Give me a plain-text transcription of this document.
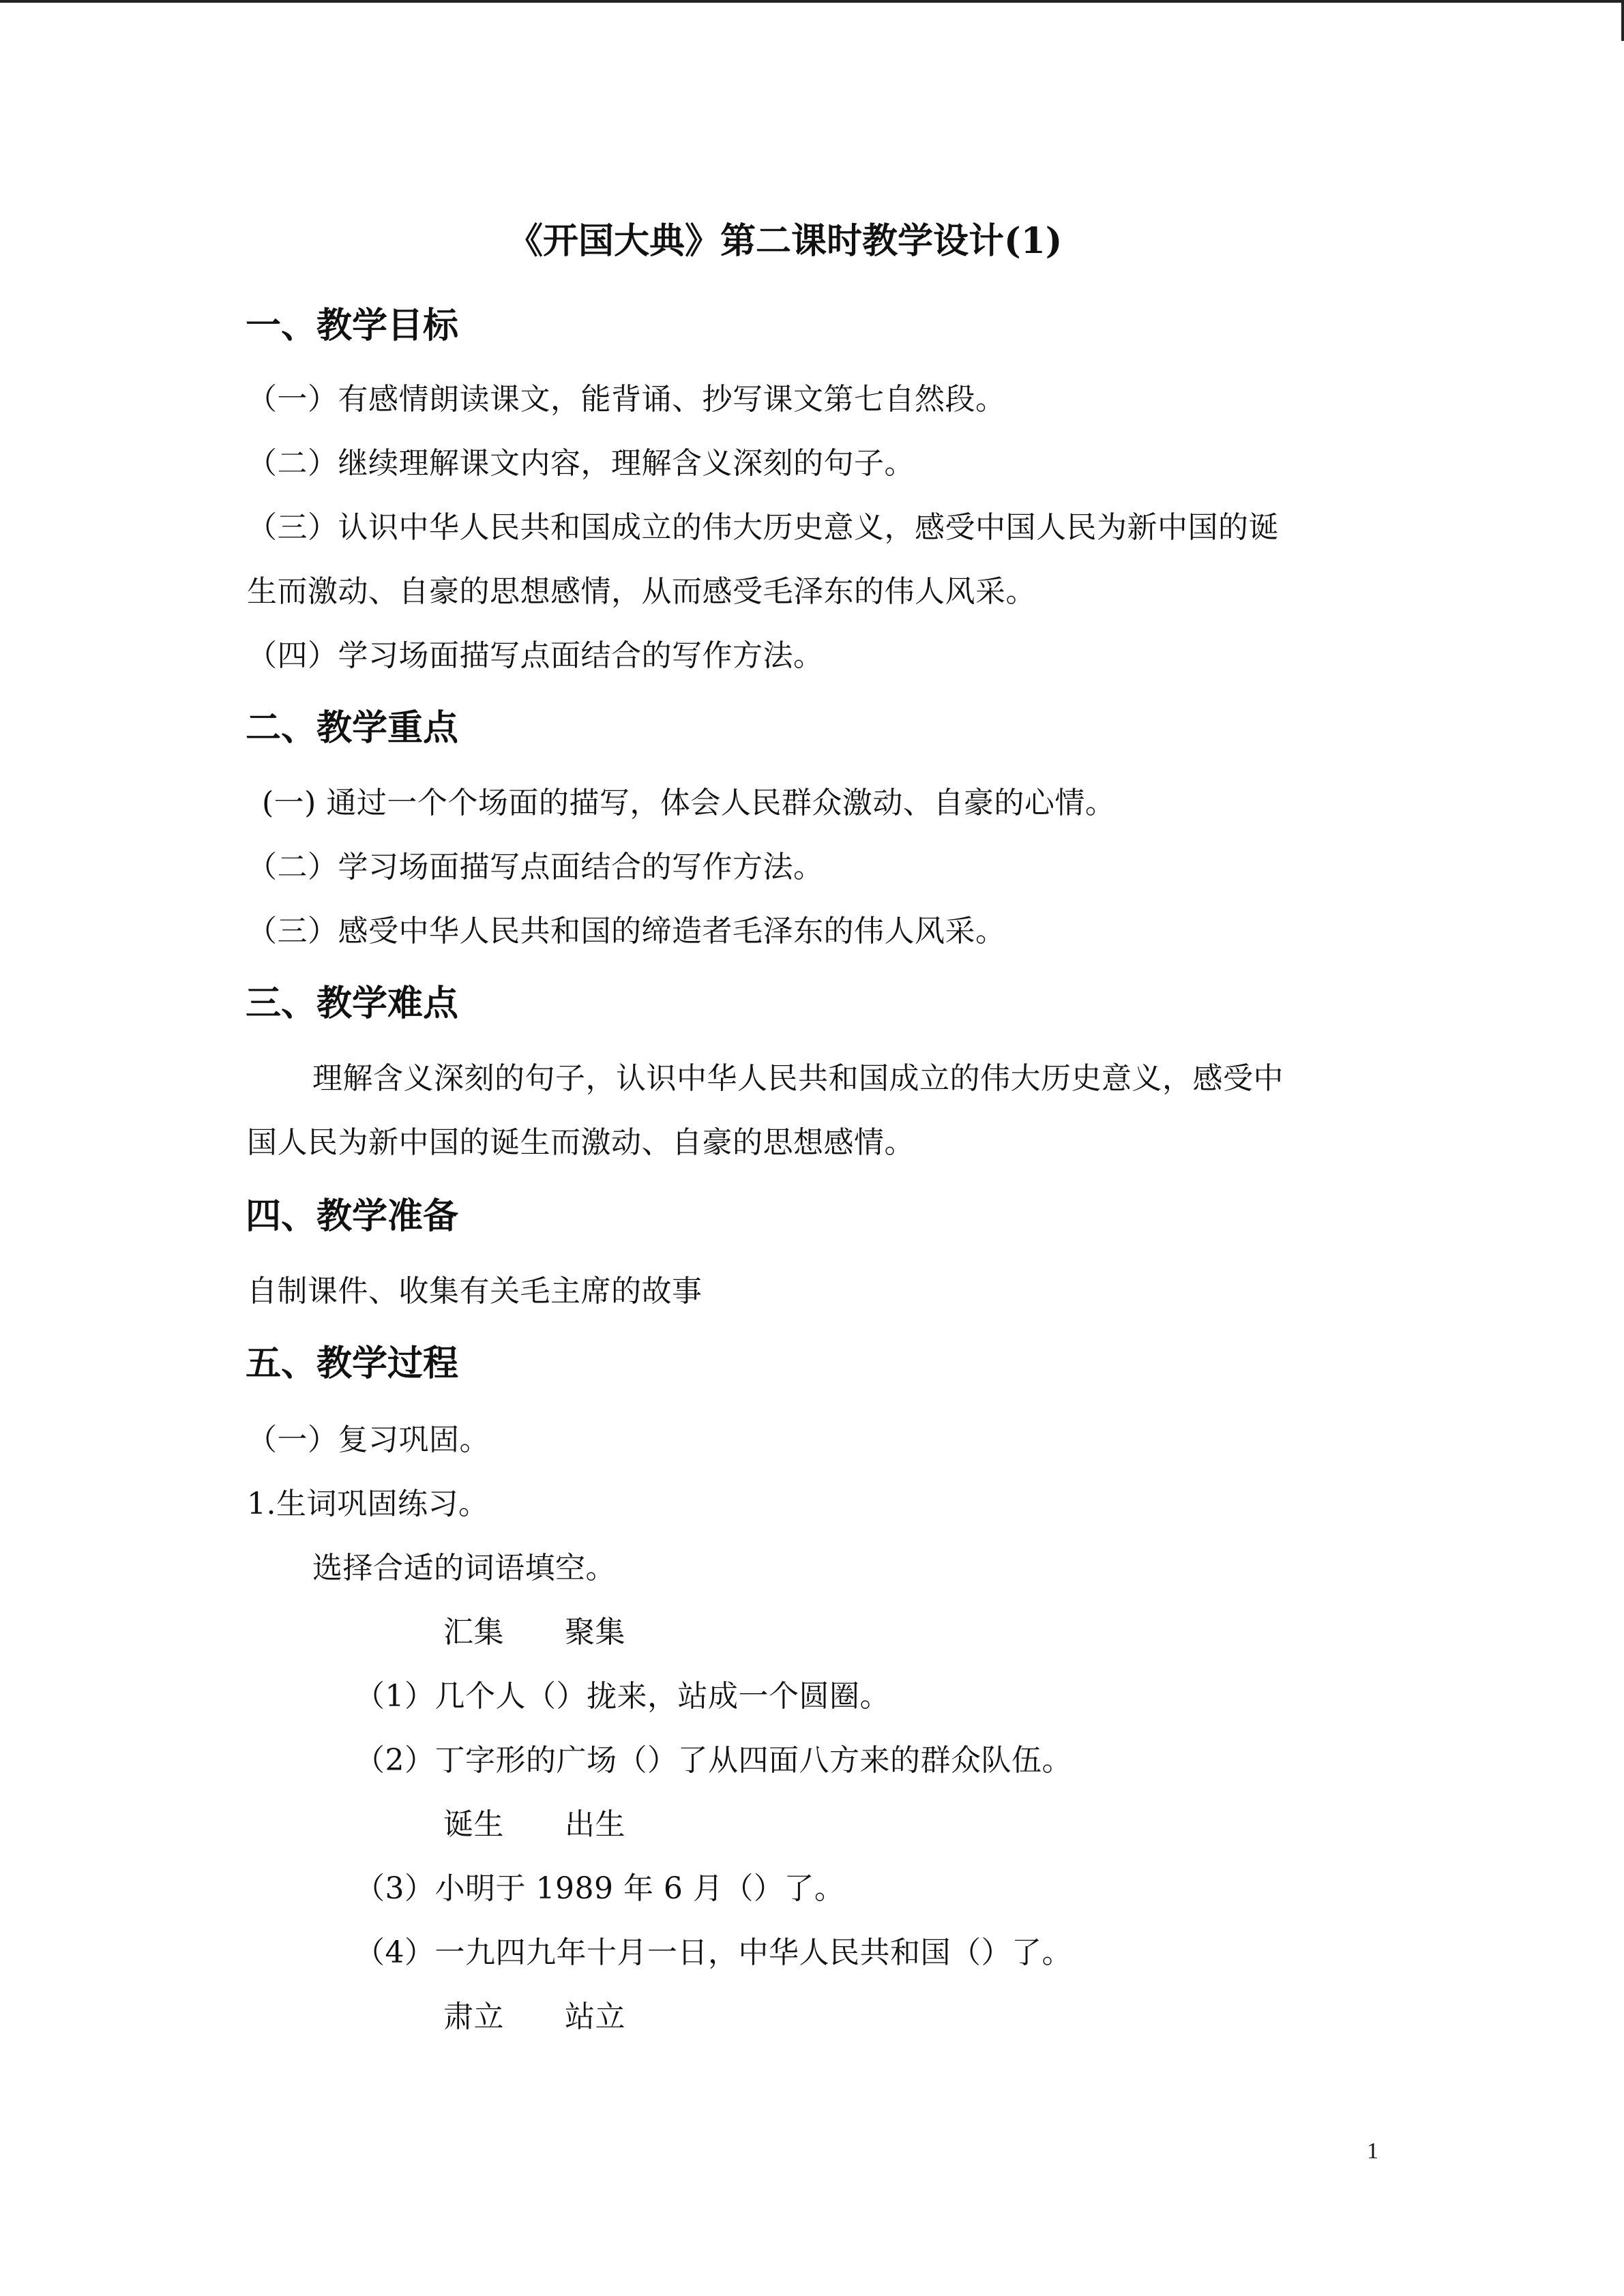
《开国大典》第二课时教学设计(1)
一、教学目标
（一）有感情朗读课文，能背诵、抄写课文第七自然段。
（二）继续理解课文内容，理解含义深刻的句子。
（三）认识中华人民共和国成立的伟大历史意义，感受中国人民为新中国的诞
生而激动、自豪的思想感情，从而感受毛泽东的伟人风采。
（四）学习场面描写点面结合的写作方法。
二、教学重点
(一) 通过一个个场面的描写，体会人民群众激动、自豪的心情。
（二）学习场面描写点面结合的写作方法。
（三）感受中华人民共和国的缔造者毛泽东的伟人风采。
三、教学难点
理解含义深刻的句子，认识中华人民共和国成立的伟大历史意义，感受中
国人民为新中国的诞生而激动、自豪的思想感情。
四、教学准备
自制课件、收集有关毛主席的故事
五、教学过程
（一）复习巩固。
1.生词巩固练习。
选择合适的词语填空。
汇集　　聚集
（1）几个人（）拢来，站成一个圆圈。
（2）丁字形的广场（）了从四面八方来的群众队伍。
诞生　　出生
（3）小明于 1989 年 6 月（）了。
（4）一九四九年十月一日，中华人民共和国（）了。
肃立　　站立
1
